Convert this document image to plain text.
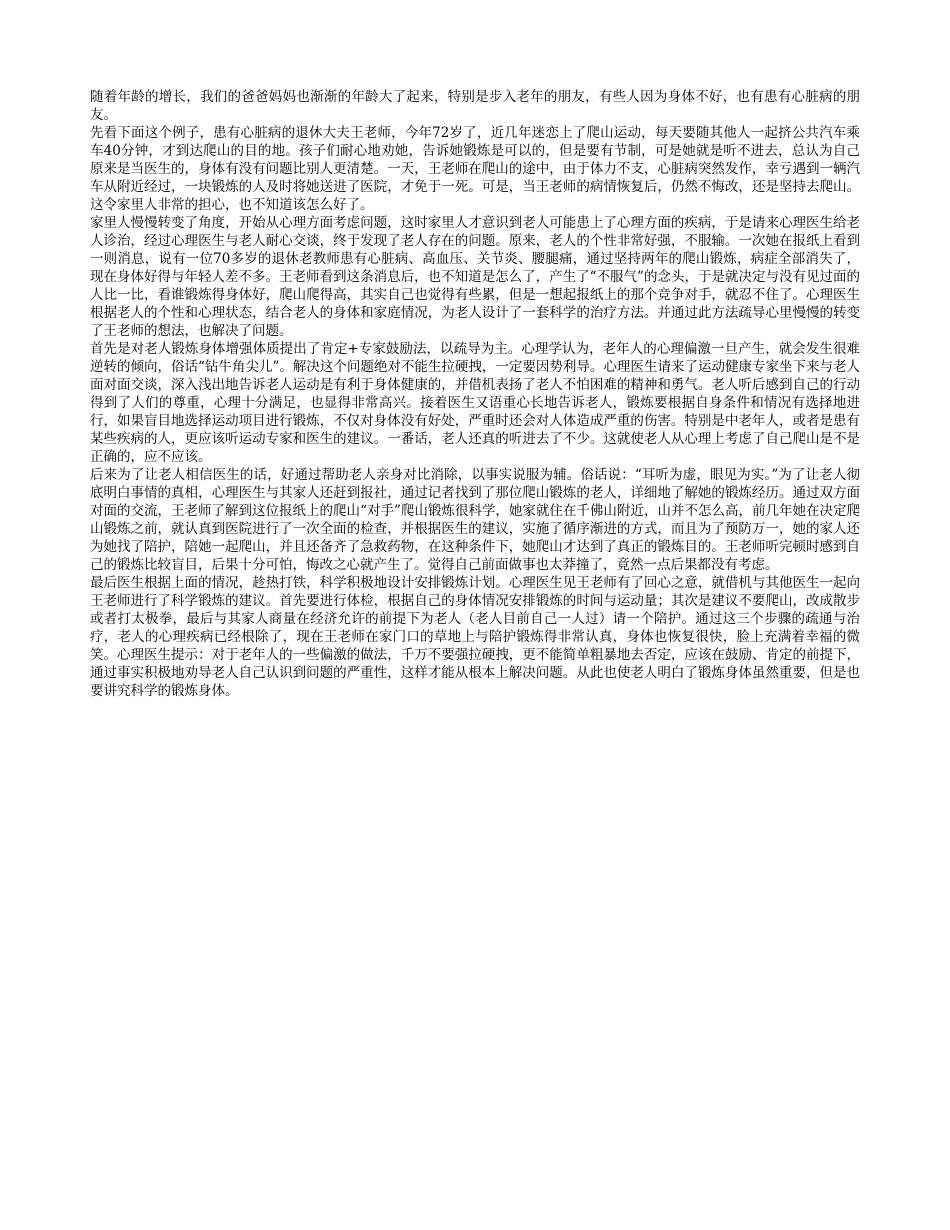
随着年龄的增长，我们的爸爸妈妈也渐渐的年龄大了起来，特别是步入老年的朋友，有些人因为身体不好，也有患有心脏病的朋友。

先看下面这个例子，患有心脏病的退休大夫王老师，今年72岁了，近几年迷恋上了爬山运动，每天要随其他人一起挤公共汽车乘车40分钟，才到达爬山的目的地。孩子们耐心地劝她，告诉她锻炼是可以的，但是要有节制，可是她就是听不进去，总认为自己原来是当医生的，身体有没有问题比别人更清楚。一天，王老师在爬山的途中，由于体力不支，心脏病突然发作，幸亏遇到一辆汽车从附近经过，一块锻炼的人及时将她送进了医院，才免于一死。可是，当王老师的病情恢复后，仍然不悔改，还是坚持去爬山。这令家里人非常的担心，也不知道该怎么好了。

家里人慢慢转变了角度，开始从心理方面考虑问题，这时家里人才意识到老人可能患上了心理方面的疾病，于是请来心理医生给老人诊治，经过心理医生与老人耐心交谈，终于发现了老人存在的问题。原来，老人的个性非常好强，不服输。一次她在报纸上看到一则消息，说有一位70多岁的退休老教师患有心脏病、高血压、关节炎、腰腿痛，通过坚持两年的爬山锻炼，病症全部消失了，现在身体好得与年轻人差不多。王老师看到这条消息后，也不知道是怎么了，产生了“不服气”的念头，于是就决定与没有见过面的人比一比，看谁锻炼得身体好，爬山爬得高，其实自己也觉得有些累，但是一想起报纸上的那个竞争对手，就忍不住了。心理医生根据老人的个性和心理状态，结合老人的身体和家庭情况，为老人设计了一套科学的治疗方法。并通过此方法疏导心里慢慢的转变了王老师的想法，也解决了问题。

首先是对老人锻炼身体增强体质提出了肯定+专家鼓励法，以疏导为主。心理学认为，老年人的心理偏激一旦产生，就会发生很难逆转的倾向，俗话“钻牛角尖儿”。解决这个问题绝对不能生拉硬拽，一定要因势利导。心理医生请来了运动健康专家坐下来与老人面对面交谈，深入浅出地告诉老人运动是有利于身体健康的，并借机表扬了老人不怕困难的精神和勇气。老人听后感到自己的行动得到了人们的尊重，心理十分满足，也显得非常高兴。接着医生又语重心长地告诉老人，锻炼要根据自身条件和情况有选择地进行，如果盲目地选择运动项目进行锻炼，不仅对身体没有好处，严重时还会对人体造成严重的伤害。特别是中老年人，或者是患有某些疾病的人，更应该听运动专家和医生的建议。一番话，老人还真的听进去了不少。这就使老人从心理上考虑了自己爬山是不是正确的，应不应该。

后来为了让老人相信医生的话，好通过帮助老人亲身对比消除，以事实说服为辅。俗话说：“耳听为虚，眼见为实。”为了让老人彻底明白事情的真相，心理医生与其家人还赶到报社，通过记者找到了那位爬山锻炼的老人，详细地了解她的锻炼经历。通过双方面对面的交流，王老师了解到这位报纸上的爬山“对手”爬山锻炼很科学，她家就住在千佛山附近，山并不怎么高，前几年她在决定爬山锻炼之前，就认真到医院进行了一次全面的检查，并根据医生的建议，实施了循序渐进的方式，而且为了预防万一，她的家人还为她找了陪护，陪她一起爬山，并且还备齐了急救药物，在这种条件下，她爬山才达到了真正的锻炼目的。王老师听完顿时感到自己的锻炼比较盲目，后果十分可怕，悔改之心就产生了。觉得自己前面做事也太莽撞了，竟然一点后果都没有考虑。

最后医生根据上面的情况，趁热打铁，科学积极地设计安排锻炼计划。心理医生见王老师有了回心之意，就借机与其他医生一起向王老师进行了科学锻炼的建议。首先要进行体检，根据自己的身体情况安排锻炼的时间与运动量；其次是建议不要爬山，改成散步或者打太极拳，最后与其家人商量在经济允许的前提下为老人（老人目前自己一人过）请一个陪护。通过这三个步骤的疏通与治疗，老人的心理疾病已经根除了，现在王老师在家门口的草地上与陪护锻炼得非常认真，身体也恢复很快，脸上充满着幸福的微笑。心理医生提示：对于老年人的一些偏激的做法，千万不要强拉硬拽，更不能简单粗暴地去否定，应该在鼓励、肯定的前提下，通过事实积极地劝导老人自己认识到问题的严重性，这样才能从根本上解决问题。从此也使老人明白了锻炼身体虽然重要，但是也要讲究科学的锻炼身体。
